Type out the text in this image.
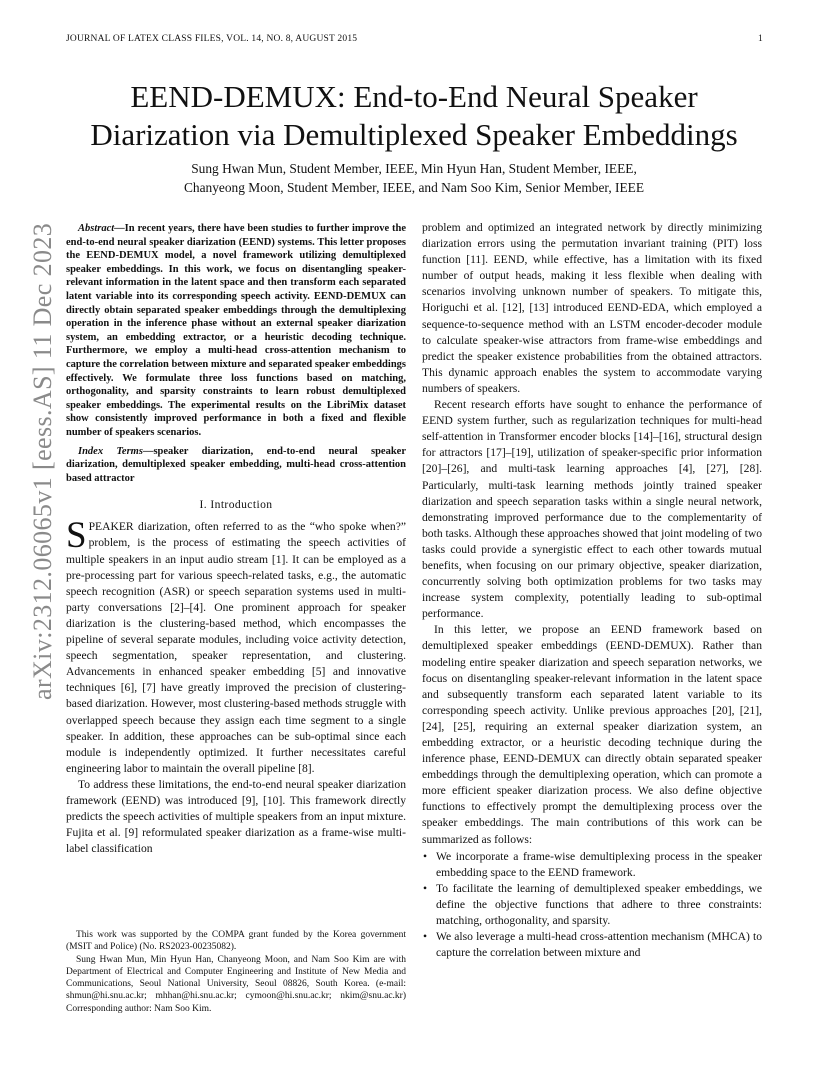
JOURNAL OF LATEX CLASS FILES, VOL. 14, NO. 8, AUGUST 2015	1
EEND-DEMUX: End-to-End Neural Speaker
Diarization via Demultiplexed Speaker Embeddings
Sung Hwan Mun, Student Member, IEEE, Min Hyun Han, Student Member, IEEE,
Chanyeong Moon, Student Member, IEEE, and Nam Soo Kim, Senior Member, IEEE
arXiv:2312.06065v1 [eess.AS] 11 Dec 2023	Abstract—In recent years, there have been studies to further improve the end-to-end neural speaker diarization (EEND) systems. This letter proposes the EEND-DEMUX model, a novel framework utilizing demultiplexed speaker embeddings. In this work, we focus on disentangling speaker-relevant information in the latent space and then transform each separated latent variable into its corresponding speech activity. EEND-DEMUX can directly obtain separated speaker embeddings through the demultiplexing operation in the inference phase without an external speaker diarization system, an embedding extractor, or a heuristic decoding technique. Furthermore, we employ a multi-head cross-attention mechanism to capture the correlation between mixture and separated speaker embeddings effectively. We formulate three loss functions based on matching, orthogonality, and sparsity constraints to learn robust demultiplexed speaker embeddings. The experimental results on the LibriMix dataset show consistently improved performance in both a fixed and flexible number of speakers scenarios.
Index Terms—speaker diarization, end-to-end neural speaker diarization, demultiplexed speaker embedding, multi-head cross-attention based attractor
I. Introduction

SPEAKER diarization, often referred to as the “who spoke when?” problem, is the process of estimating the speech activities of multiple speakers in an input audio stream [1]. It can be employed as a pre-processing part for various speech-related tasks, e.g., the automatic speech recognition (ASR) or speech separation systems used in multi-party conversations [2]–[4]. One prominent approach for speaker diarization is the clustering-based method, which encompasses the pipeline of several separate modules, including voice activity detection, speech segmentation, speaker representation, and clustering. Advancements in enhanced speaker embedding [5] and innovative techniques [6], [7] have greatly improved the precision of clustering-based diarization. However, most clustering-based methods struggle with overlapped speech because they assign each time segment to a single speaker. In addition, these approaches can be sub-optimal since each module is independently optimized. It further necessitates careful engineering labor to maintain the overall pipeline [8].

To address these limitations, the end-to-end neural speaker diarization framework (EEND) was introduced [9], [10]. This framework directly predicts the speech activities of multiple speakers from an input mixture. Fujita et al. [9] reformulated speaker diarization as a frame-wise multi-label classification

problem and optimized an integrated network by directly minimizing diarization errors using the permutation invariant training (PIT) loss function [11]. EEND, while effective, has a limitation with its fixed number of output heads, making it less flexible when dealing with scenarios involving unknown number of speakers. To mitigate this, Horiguchi et al. [12], [13] introduced EEND-EDA, which employed a sequence-to-sequence method with an LSTM encoder-decoder module to calculate speaker-wise attractors from frame-wise embeddings and predict the speaker existence probabilities from the obtained attractors. This dynamic approach enables the system to accommodate varying numbers of speakers.

Recent research efforts have sought to enhance the performance of EEND system further, such as regularization techniques for multi-head self-attention in Transformer encoder blocks [14]–[16], structural design for attractors [17]–[19], utilization of speaker-specific prior information [20]–[26], and multi-task learning approaches [4], [27], [28]. Particularly, multi-task learning methods jointly trained speaker diarization and speech separation tasks within a single neural network, demonstrating improved performance due to the complementarity of both tasks. Although these approaches showed that joint modeling of two tasks could provide a synergistic effect to each other towards mutual benefits, when focusing on our primary objective, speaker diarization, concurrently solving both optimization problems for two tasks may increase system complexity, potentially leading to sub-optimal performance.

In this letter, we propose an EEND framework based on demultiplexed speaker embeddings (EEND-DEMUX). Rather than modeling entire speaker diarization and speech separation networks, we focus on disentangling speaker-relevant information in the latent space and subsequently transform each separated latent variable to its corresponding speech activity. Unlike previous approaches [20], [21], [24], [25], requiring an external speaker diarization system, an embedding extractor, or a heuristic decoding technique during the inference phase, EEND-DEMUX can directly obtain separated speaker embeddings through the demultiplexing operation, which can promote a more efficient speaker diarization process. We also define objective functions to effectively prompt the demultiplexing process over the speaker embeddings. The main contributions of this work can be summarized as follows:

• We incorporate a frame-wise demultiplexing process in the speaker embedding space to the EEND framework.
• To facilitate the learning of demultiplexed speaker embeddings, we define the objective functions that adhere to three constraints: matching, orthogonality, and sparsity.
• We also leverage a multi-head cross-attention mechanism (MHCA) to capture the correlation between mixture and

This work was supported by the COMPA grant funded by the Korea government (MSIT and Police) (No. RS2023-00235082).

Sung Hwan Mun, Min Hyun Han, Chanyeong Moon, and Nam Soo Kim are with Department of Electrical and Computer Engineering and Institute of New Media and Communications, Seoul National University, Seoul 08826, South Korea. (e-mail: shmun@hi.snu.ac.kr; mhhan@hi.snu.ac.kr; cymoon@hi.snu.ac.kr; nkim@snu.ac.kr) Corresponding author: Nam Soo Kim.
